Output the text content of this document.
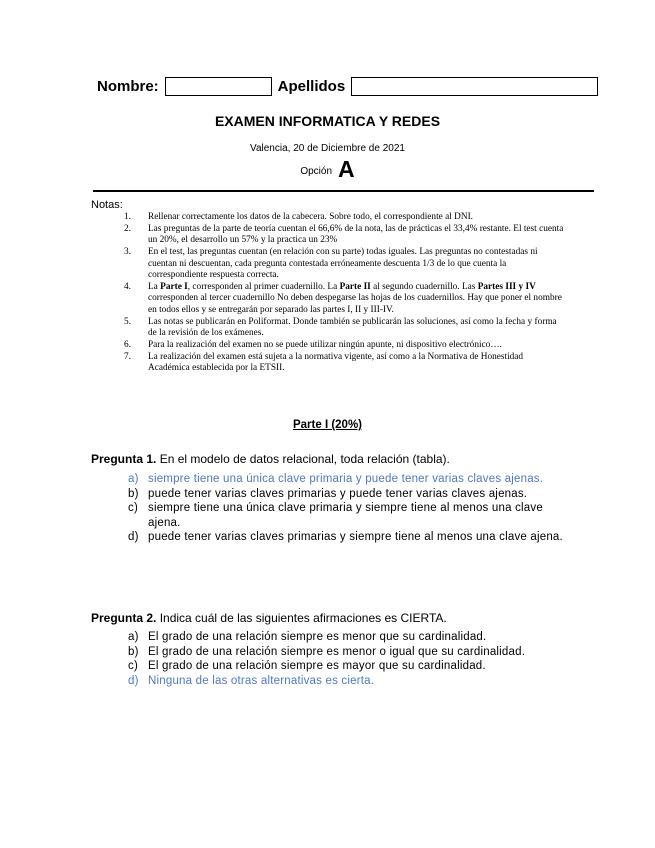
Nombre:	Apellidos
EXAMEN INFORMATICA Y REDES
Valencia, 20 de Diciembre de 2021
Opción A
Notas:
1.	Rellenar correctamente los datos de la cabecera. Sobre todo, el correspondiente al DNI.
2.	Las preguntas de la parte de teoría cuentan el 66,6% de la nota, las de prácticas el 33,4% restante. El test cuenta un 20%, el desarrollo un 57% y la practica un 23%
3.	En el test, las preguntas cuentan (en relación con su parte) todas iguales. Las preguntas no contestadas ni cuentan ni descuentan, cada pregunta contestada erróneamente descuenta 1/3 de lo que cuenta la correspondiente respuesta correcta.
4.	La Parte I, corresponden al primer cuadernillo. La Parte II al segundo cuadernillo. Las Partes III y IV corresponden al tercer cuadernillo No deben despegarse las hojas de los cuadernillos. Hay que poner el nombre en todos ellos y se entregarán por separado las partes I, II y III-IV.
5.	Las notas se publicarán en Poliformat. Donde también se publicarán las soluciones, así como la fecha y forma de la revisión de los exámenes.
6.	Para la realización del examen no se puede utilizar ningún apunte, ni dispositivo electrónico….
7.	La realización del examen está sujeta a la normativa vigente, así como a la Normativa de Honestidad Académica establecida por la ETSII.
Parte I (20%)
Pregunta 1. En el modelo de datos relacional, toda relación (tabla).
a) siempre tiene una única clave primaria y puede tener varias claves ajenas.
b) puede tener varias claves primarias y puede tener varias claves ajenas.
c) siempre tiene una única clave primaria y siempre tiene al menos una clave ajena.
d) puede tener varias claves primarias y siempre tiene al menos una clave ajena.
Pregunta 2. Indica cuál de las siguientes afirmaciones es CIERTA.
a) El grado de una relación siempre es menor que su cardinalidad.
b) El grado de una relación siempre es menor o igual que su cardinalidad.
c) El grado de una relación siempre es mayor que su cardinalidad.
d) Ninguna de las otras alternativas es cierta.
